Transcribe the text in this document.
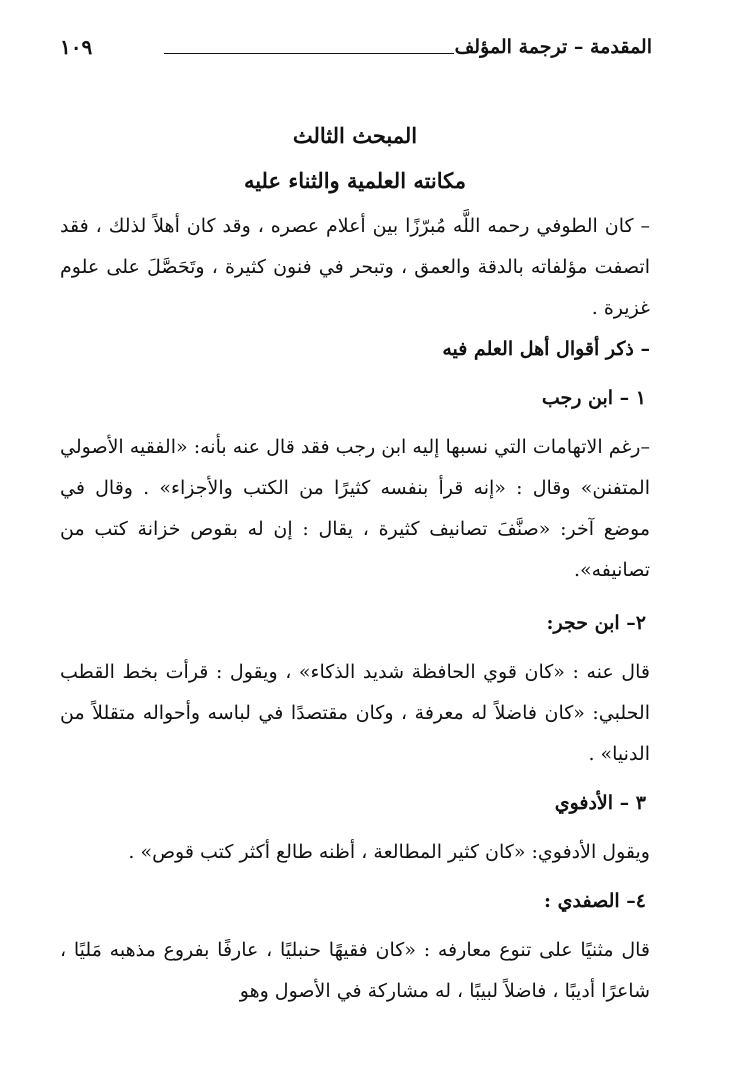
المقدمة – ترجمة المؤلف
١٠٩
المبحث الثالث
مكانته العلمية والثناء عليه

– كان الطوفي رحمه اللَّه مُبرّزًا بين أعلام عصره ، وقد كان أهلاً لذلك ، فقد اتصفت مؤلفاته بالدقة والعمق ، وتبحر في فنون كثيرة ، وتَحَصَّلَ على علوم غزيرة .

– ذكر أقوال أهل العلم فيه
١ – ابن رجب

–رغم الاتهامات التي نسبها إليه ابن رجب فقد قال عنه بأنه: «الفقيه الأصولي المتفنن» وقال : «إنه قرأ بنفسه كثيرًا من الكتب والأجزاء» . وقال في موضع آخر: «صنَّفَ تصانيف كثيرة ، يقال : إن له بقوص خزانة كتب من تصانيفه».

٢– ابن حجر:

قال عنه : «كان قوي الحافظة شديد الذكاء» ، ويقول : قرأت بخط القطب الحلبي: «كان فاضلاً له معرفة ، وكان مقتصدًا في لباسه وأحواله متقللاً من الدنيا» .

٣ – الأدفوي

ويقول الأدفوي: «كان كثير المطالعة ، أظنه طالع أكثر كتب قوص» .

٤– الصفدي :

قال مثنيًا على تنوع معارفه : «كان فقيهًا حنبليًا ، عارفًا بفروع مذهبه مَليًا ، شاعرًا أديبًا ، فاضلاً لبيبًا ، له مشاركة في الأصول وهو
